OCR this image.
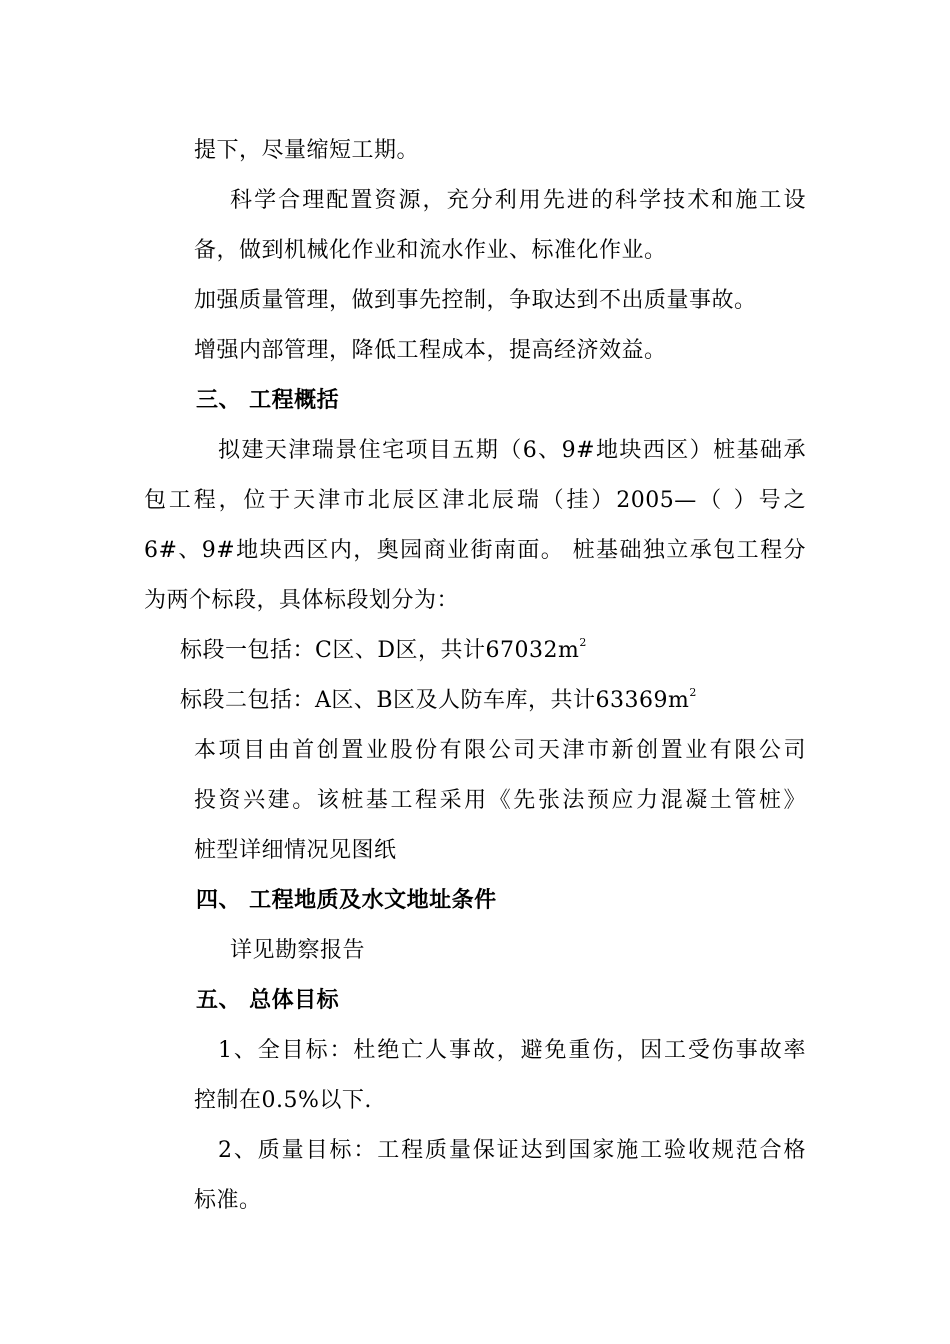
提下，尽量缩短工期。
科学合理配置资源，充分利用先进的科学技术和施工设
备，做到机械化作业和流水作业、标准化作业。
加强质量管理，做到事先控制，争取达到不出质量事故。
增强内部管理，降低工程成本，提高经济效益。
三、 工程概括
拟建天津瑞景住宅项目五期（6、9#地块西区）桩基础承
包工程，位于天津市北辰区津北辰瑞（挂）2005—（ ）号之
6#、9#地块西区内，奥园商业街南面。 桩基础独立承包工程分
为两个标段，具体标段划分为：
标段一包括：C区、D区，共计$67032m^2$
标段二包括：A区、B区及人防车库，共计$63369m^2$
本项目由首创置业股份有限公司天津市新创置业有限公司
投资兴建。该桩基工程采用《先张法预应力混凝土管桩》
桩型详细情况见图纸
四、 工程地质及水文地址条件
详见勘察报告
五、 总体目标
1、全目标：杜绝亡人事故，避免重伤，因工受伤事故率
控制在0.5%以下.
2、质量目标：工程质量保证达到国家施工验收规范合格
标准。
